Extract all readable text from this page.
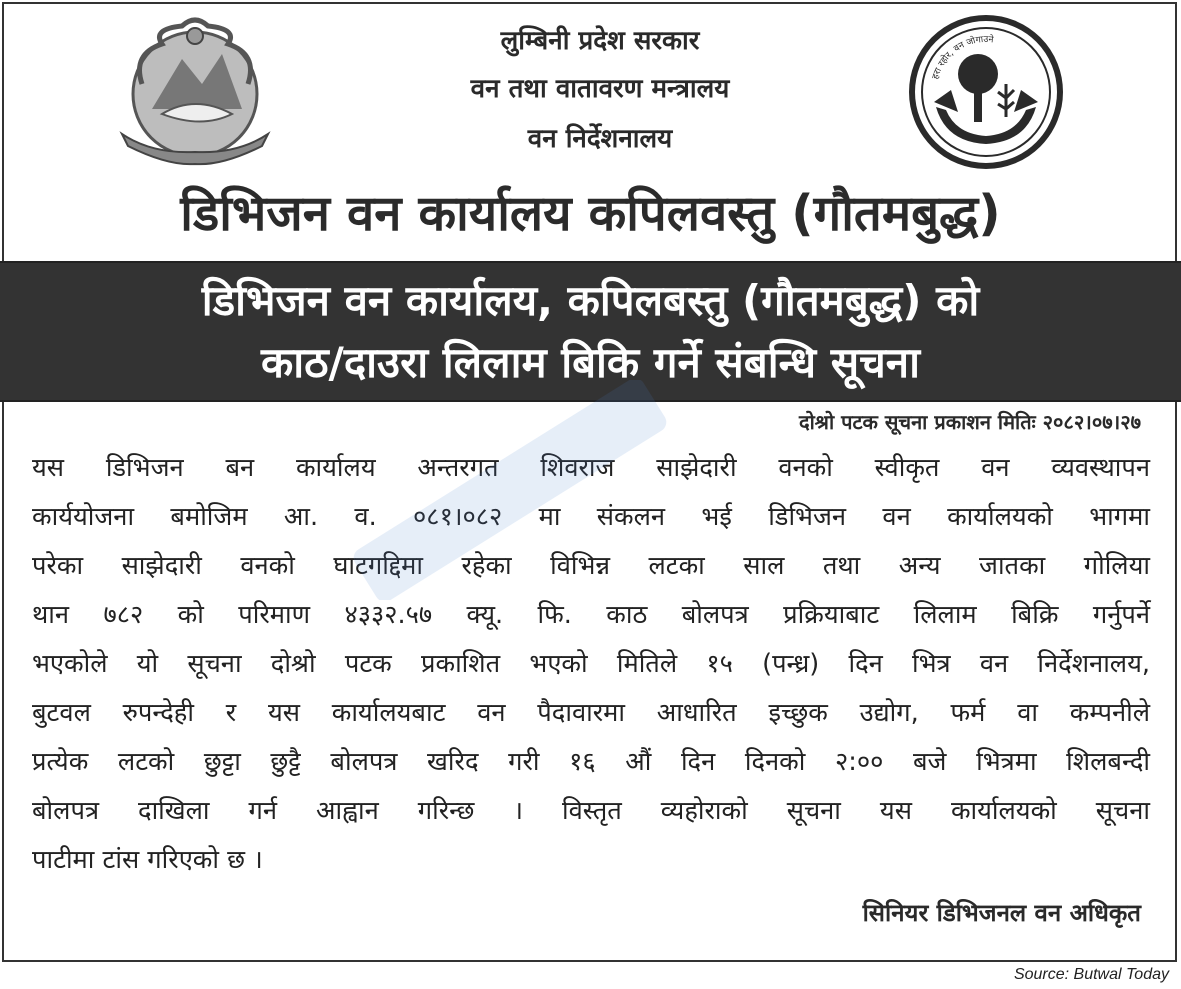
हरा रहोर, वन जोगाउने
लुम्बिनी प्रदेश सरकार
वन तथा वातावरण मन्त्रालय
वन निर्देशनालय
डिभिजन वन कार्यालय कपिलवस्तु (गौतमबुद्ध)
डिभिजन वन कार्यालय, कपिलबस्तु (गौतमबुद्ध) को
काठ/दाउरा लिलाम बिकि गर्ने संबन्धि सूचना
दोश्रो पटक सूचना प्रकाशन मितिः २०८२।०७।२७
यस डिभिजन बन कार्यालय अन्तरगत शिवराज साझेदारी वनको स्वीकृत वन व्यवस्थापन
कार्ययोजना बमोजिम आ. व. ०८१।०८२ मा संकलन भई डिभिजन वन कार्यालयको भागमा
परेका साझेदारी वनको घाटगद्दिमा रहेका विभिन्न लटका साल तथा अन्य जातका गोलिया
थान ७८२ को परिमाण ४३३२.५७ क्यू. फि. काठ बोलपत्र प्रक्रियाबाट लिलाम बिक्रि गर्नुपर्ने
भएकोले यो सूचना दोश्रो पटक प्रकाशित भएको मितिले १५ (पन्ध्र) दिन भित्र वन निर्देशनालय,
बुटवल रुपन्देही र यस कार्यालयबाट वन पैदावारमा आधारित इच्छुक उद्योग, फर्म वा कम्पनीले
प्रत्येक लटको छुट्टा छुट्टै बोलपत्र खरिद गरी १६ औं दिन दिनको २:०० बजे भित्रमा शिलबन्दी
बोलपत्र दाखिला गर्न आह्वान गरिन्छ । विस्तृत व्यहोराको सूचना यस कार्यालयको सूचना
पाटीमा टांस गरिएको छ ।
सिनियर डिभिजनल वन अधिकृत
Source: Butwal Today
